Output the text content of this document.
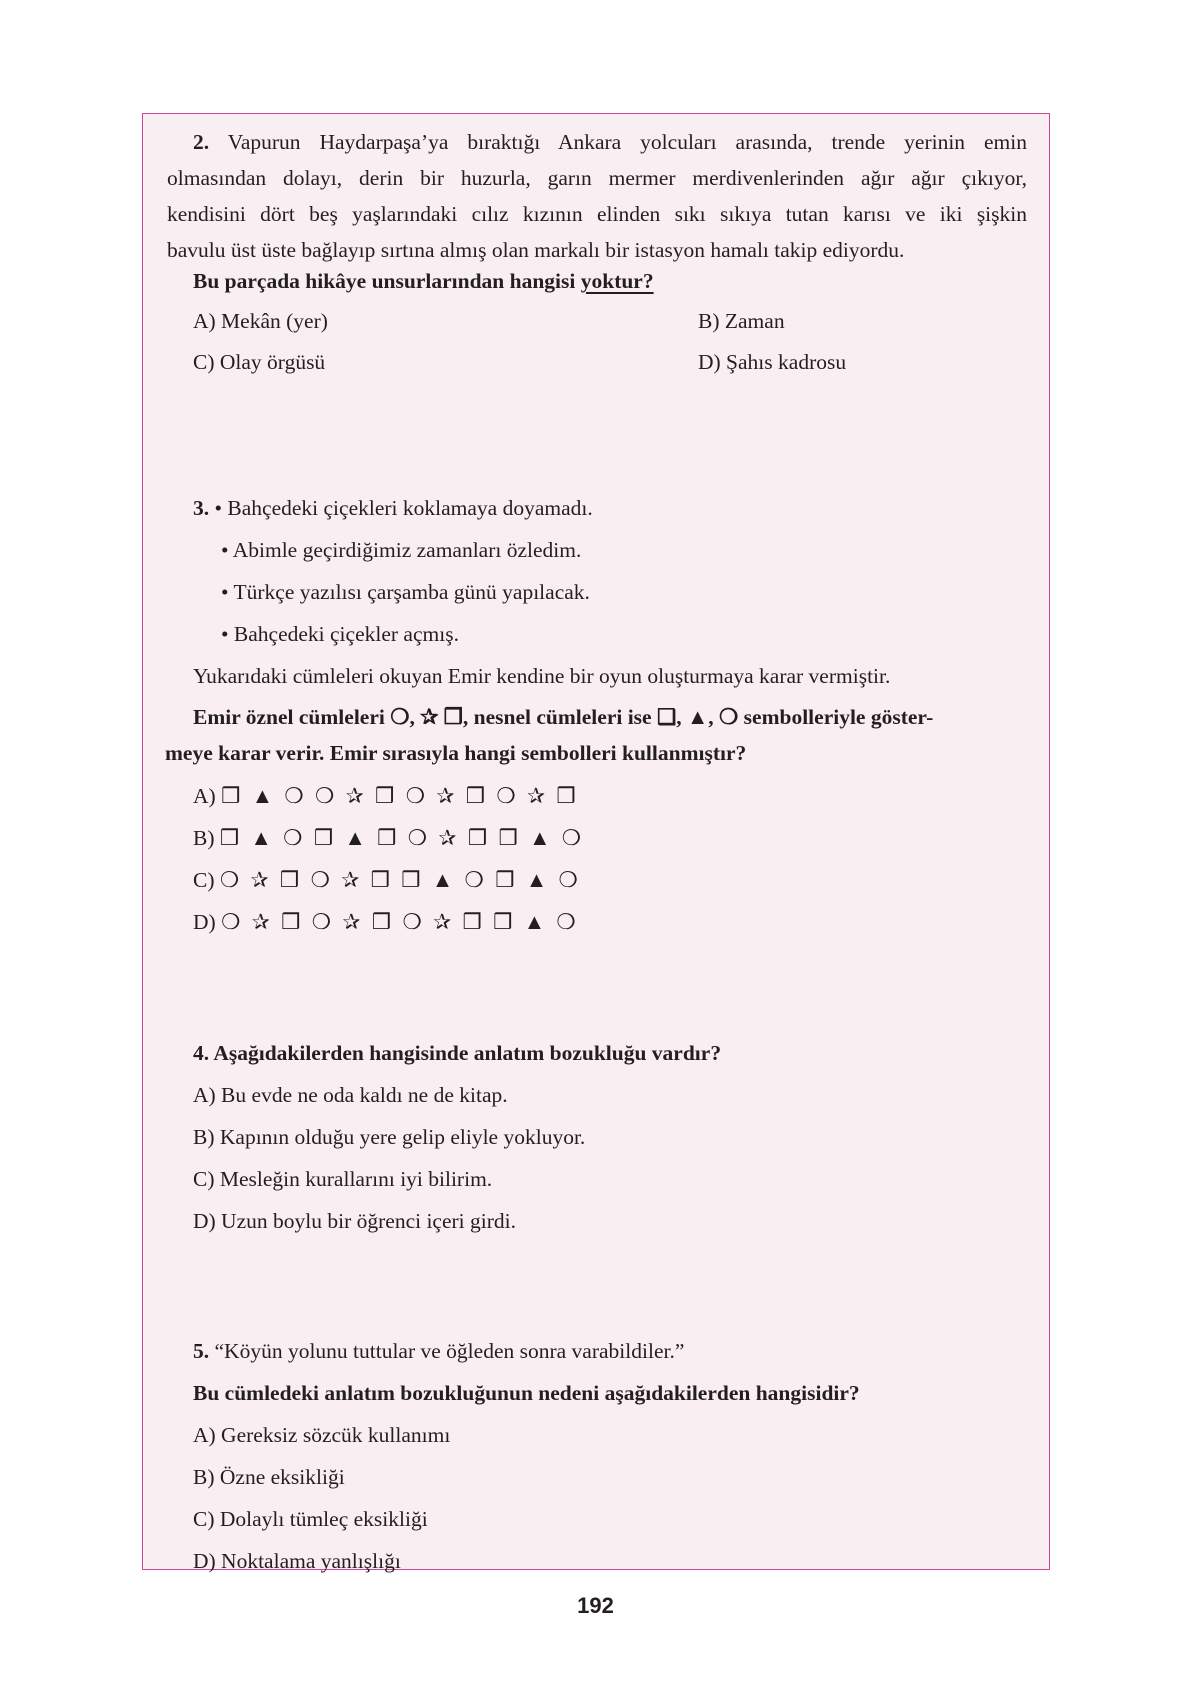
2. Vapurun Haydarpaşa’ya bıraktığı Ankara yolcuları arasında, trende yerinin emin
olmasından dolayı, derin bir huzurla, garın mermer merdivenlerinden ağır ağır çıkıyor,
kendisini dört beş yaşlarındaki cılız kızının elinden sıkı sıkıya tutan karısı ve iki şişkin
bavulu üst üste bağlayıp sırtına almış olan markalı bir istasyon hamalı takip ediyordu.
Bu parçada hikâye unsurlarından hangisi yoktur?
A) Mekân (yer)	B) Zaman
C) Olay örgüsü	D) Şahıs kadrosu
3. • Bahçedeki çiçekleri koklamaya doyamadı.
• Abimle geçirdiğimiz zamanları özledim.
• Türkçe yazılısı çarşamba günü yapılacak.
• Bahçedeki çiçekler açmış.
Yukarıdaki cümleleri okuyan Emir kendine bir oyun oluşturmaya karar vermiştir.
Emir öznel cümleleri ❍, ✰ ❒, nesnel cümleleri ise ❑, ▲, ❍ sembolleriyle göster-
meye karar verir. Emir sırasıyla hangi sembolleri kullanmıştır?
A) ❒ ▲ ❍ ❍ ✰ ❒ ❍ ✰ ❒ ❍ ✰ ❒
B) ❒ ▲ ❍ ❒ ▲ ❒ ❍ ✰ ❒ ❒ ▲ ❍
C) ❍ ✰ ❒ ❍ ✰ ❒ ❒ ▲ ❍ ❒ ▲ ❍
D) ❍ ✰ ❒ ❍ ✰ ❒ ❍ ✰ ❒ ❒ ▲ ❍
4. Aşağıdakilerden hangisinde anlatım bozukluğu vardır?
A) Bu evde ne oda kaldı ne de kitap.
B) Kapının olduğu yere gelip eliyle yokluyor.
C) Mesleğin kurallarını iyi bilirim.
D) Uzun boylu bir öğrenci içeri girdi.
5. “Köyün yolunu tuttular ve öğleden sonra varabildiler.”
Bu cümledeki anlatım bozukluğunun nedeni aşağıdakilerden hangisidir?
A) Gereksiz sözcük kullanımı
B) Özne eksikliği
C) Dolaylı tümleç eksikliği
D) Noktalama yanlışlığı
192
